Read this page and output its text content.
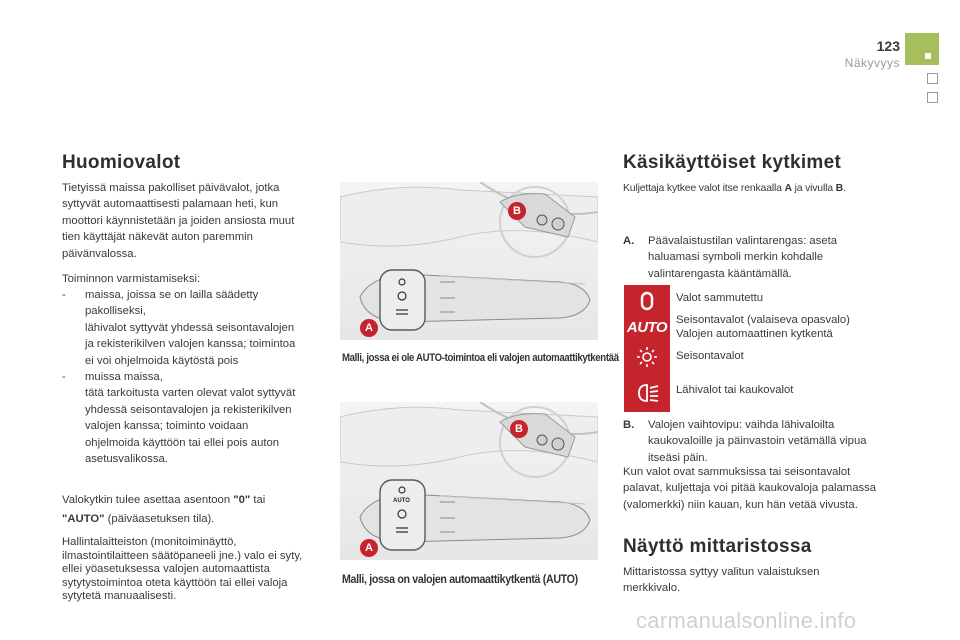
123
Näkyvyys
Huomiovalot

Tietyissä maissa pakolliset päivävalot, jotka syttyvät automaattisesti palamaan heti, kun moottori käynnistetään ja joiden ansiosta muut tien käyttäjät näkevät auton paremmin päivänvalossa.

Toiminnon varmistamiseksi:

- maissa, joissa se on lailla säädetty
pakolliseksi,
lähivalot syttyvät yhdessä seisontavalojen
ja rekisterikilven valojen kanssa; toimintoa
ei voi ohjelmoida käytöstä pois
- muissa maissa,
tätä tarkoitusta varten olevat valot syttyvät
yhdessä seisontavalojen ja rekisterikilven
valojen kanssa; toiminto voidaan
ohjelmoida käyttöön tai ellei pois auton
asetusvalikossa.

Valokytkin tulee asettaa asentoon "0" tai
"AUTO" (päiväasetuksen tila).

Hallintalaitteiston (monitoiminäyttö, ilmastointilaitteen säätöpaneeli jne.) valo ei syty, ellei yöasetuksessa valojen automaattista sytytystoimintoa oteta käyttöön tai ellei valoja sytytetä manuaalisesti.

B
A
Malli, jossa ei ole AUTO-toimintoa eli valojen automaattikytkentää
AUTO
B
A
Malli, jossa on valojen automaattikytkentä (AUTO)
Käsikäyttöiset kytkimet

Kuljettaja kytkee valot itse renkaalla A ja vivulla B.

A. Päävalaistustilan valintarengas: aseta
haluamasi symboli merkin kohdalle
valintarengasta kääntämällä.
AUTO
Valot sammutettu
Seisontavalot (valaiseva opasvalo)
Valojen automaattinen kytkentä
Seisontavalot
Lähivalot tai kaukovalot
B. Valojen vaihtovipu: vaihda lähivaloilta
kaukovaloille ja päinvastoin vetämällä vipua
itseäsi päin.

Kun valot ovat sammuksissa tai seisontavalot palavat, kuljettaja voi pitää kaukovaloja palamassa (valomerkki) niin kauan, kun hän vetää vivusta.

Näyttö mittaristossa

Mittaristossa syttyy valitun valaistuksen merkkivalo.

carmanualsonline.info
